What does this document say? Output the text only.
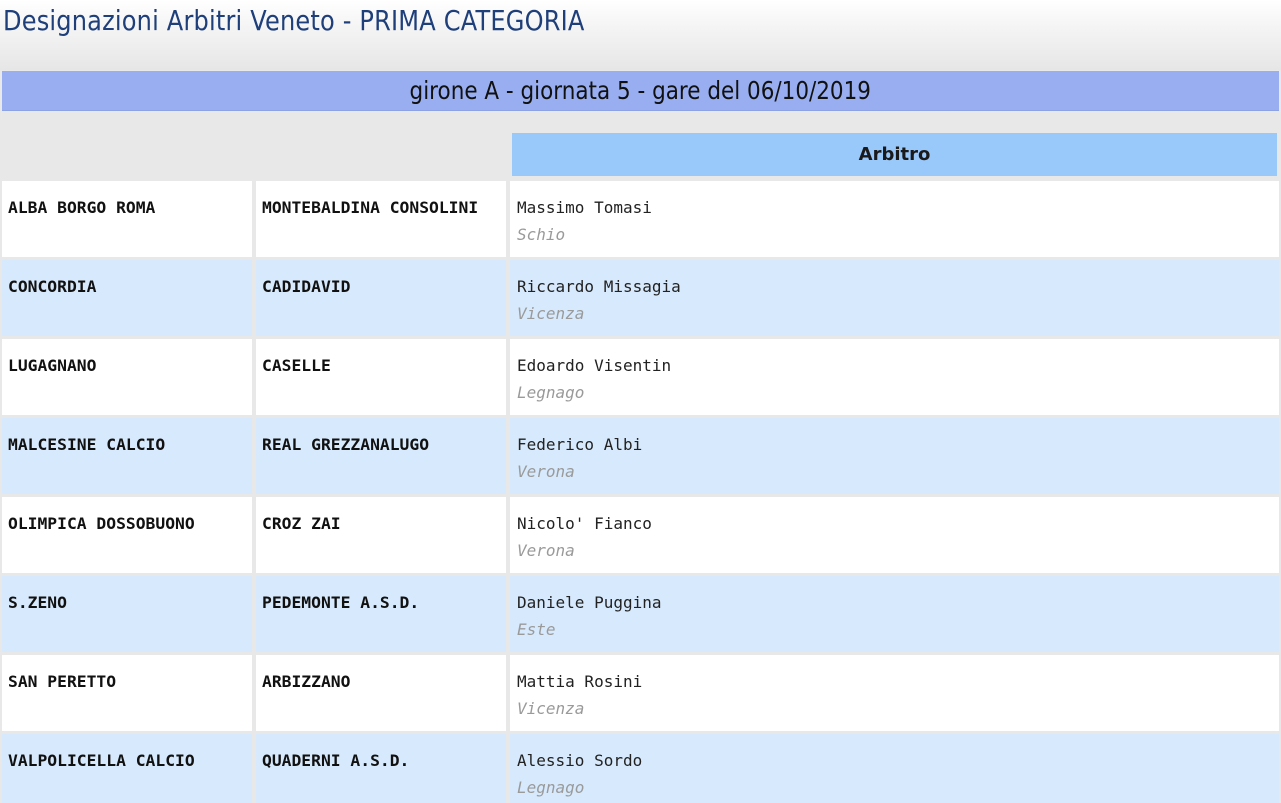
Designazioni Arbitri Veneto - PRIMA CATEGORIA
girone A - giornata 5 - gare del 06/10/2019
Arbitro
ALBA BORGO ROMA	MONTEBALDINA CONSOLINI	Massimo Tomasi
Schio
CONCORDIA	CADIDAVID	Riccardo Missagia
Vicenza
LUGAGNANO	CASELLE	Edoardo Visentin
Legnago
MALCESINE CALCIO	REAL GREZZANALUGO	Federico Albi
Verona
OLIMPICA DOSSOBUONO	CROZ ZAI	Nicolo' Fianco
Verona
S.ZENO	PEDEMONTE A.S.D.	Daniele Puggina
Este
SAN PERETTO	ARBIZZANO	Mattia Rosini
Vicenza
VALPOLICELLA CALCIO	QUADERNI A.S.D.	Alessio Sordo
Legnago
